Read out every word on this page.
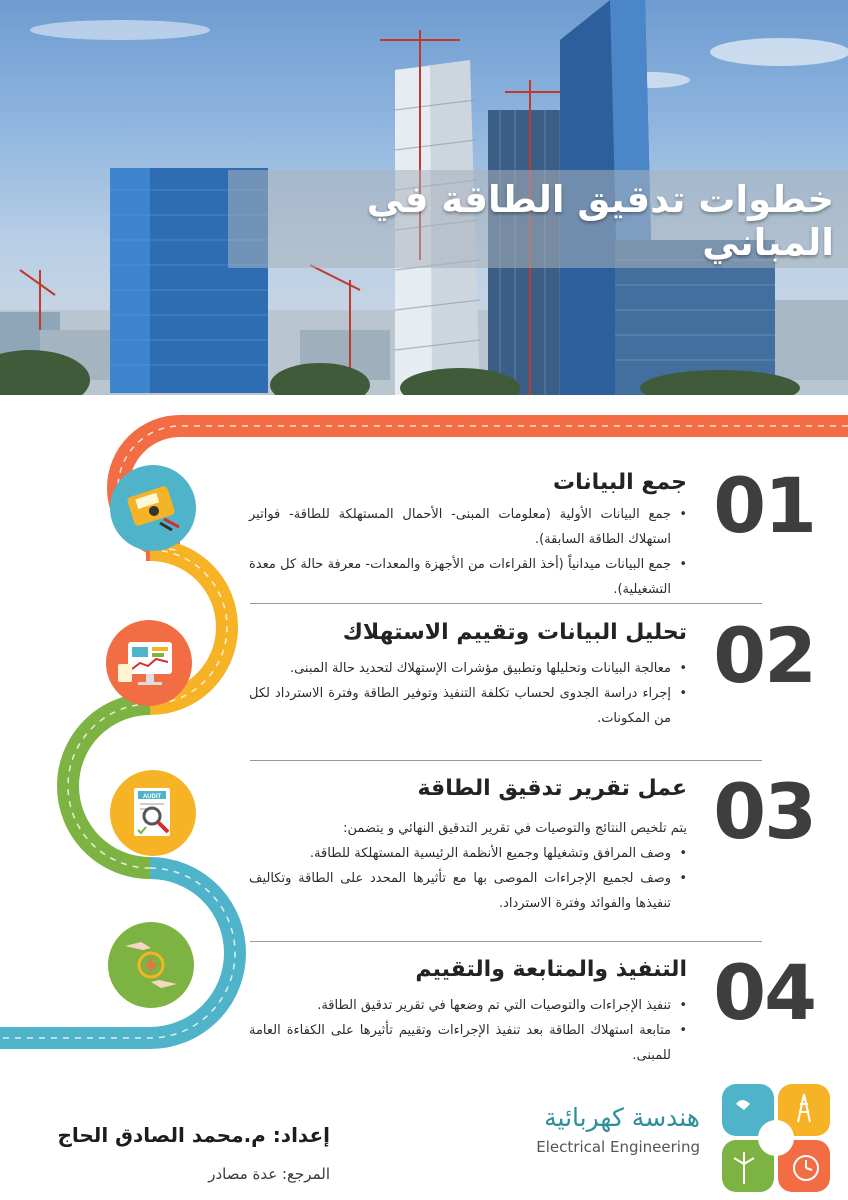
خطوات تدقيق الطاقة في المباني
AUDIT
01
جمع البيانات
• جمع البيانات الأولية (معلومات المبنى- الأحمال المستهلكة للطاقة- فواتير استهلاك الطاقة السابقة).
• جمع البيانات ميدانياً (أخذ القراءات من الأجهزة والمعدات- معرفة حالة كل معدة التشغيلية).
02
تحليل البيانات وتقييم الاستهلاك
• معالجة البيانات وتحليلها وتطبيق مؤشرات الإستهلاك لتحديد حالة المبنى.
• إجراء دراسة الجدوى لحساب تكلفة التنفيذ وتوفير الطاقة وفترة الاسترداد لكل من المكونات.
03
عمل تقرير تدقيق الطاقة
يتم تلخيص النتائج والتوصيات في تقرير التدقيق النهائي و يتضمن:
• وصف المرافق وتشغيلها وجميع الأنظمة الرئيسية المستهلكة للطاقة.
• وصف لجميع الإجراءات الموصى بها مع تأثيرها المحدد على الطاقة وتكاليف تنفيذها والفوائد وفترة الاسترداد.
04
التنفيذ والمتابعة والتقييم
• تنفيذ الإجراءات والتوصيات التي تم وضعها في تقرير تدقيق الطاقة.
• متابعة استهلاك الطاقة بعد تنفيذ الإجراءات وتقييم تأثيرها على الكفاءة العامة للمبنى.
إعداد: م.محمد الصادق الحاج
المرجع: عدة مصادر
هندسة كهربائية
Electrical Engineering
